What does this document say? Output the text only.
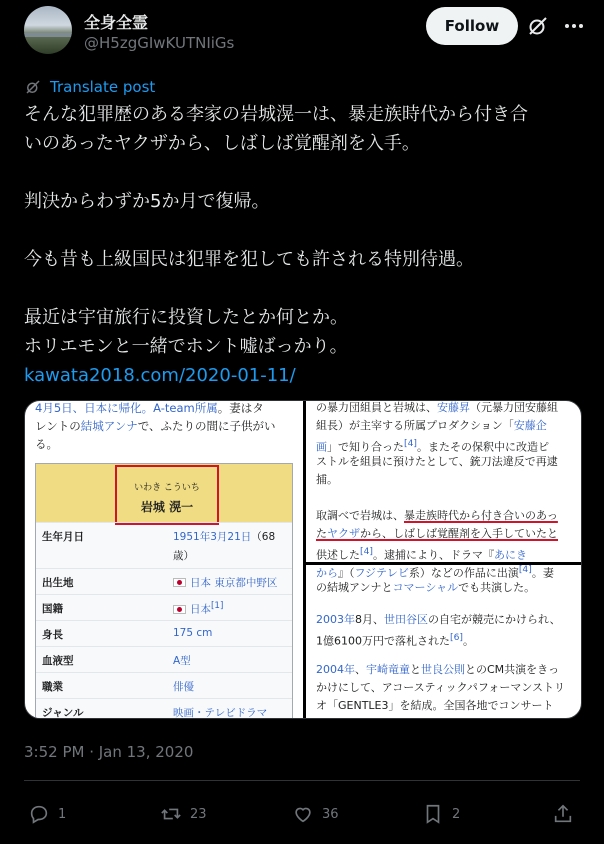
全身全霊
@H5zgGIwKUTNIiGs
Follow
Translate post

そんな犯罪歴のある李家の岩城滉一は、暴走族時代から付き合

いのあったヤクザから、しばしば覚醒剤を入手。

判決からわずか5か月で復帰。

今も昔も上級国民は犯罪を犯しても許される特別待遇。

最近は宇宙旅行に投資したとか何とか。

ホリエモンと一緒でホント嘘ばっかり。

kawata2018.com/2020-01-11/

4月5日、日本に帰化。A-team所属。妻はタ
レントの結城アンナで、ふたりの間に子供がい
る。
いわき こういち
岩城 滉一
生年月日	1951年3月21日（68
歳）
出生地	日本 東京都中野区
国籍	日本[1]
身長	175 cm
血液型	A型
職業	俳優
ジャンル	映画・テレビドラマ
の暴力団組員と岩城は、安藤昇（元暴力団安藤組
組長）が主宰する所属プロダクション「安藤企
画」で知り合った[4]。またその保釈中に改造ピ
ストルを組員に預けたとして、銃刀法違反で再逮
捕。
取調べで岩城は、暴走族時代から付き合いのあっ
たヤクザから、しばしば覚醒剤を入手していたと
供述した[4]。逮捕により、ドラマ『あにき
から』（フジテレビ系）などの作品に出演[4]。妻
の結城アンナとコマーシャルでも共演した。
2003年8月、世田谷区の自宅が競売にかけられ、
1億6100万円で落札された[6]。
2004年、宇崎竜童と世良公則とのCM共演をきっ
かけにして、アコースティックパフォーマンストリ
オ「GENTLE3」を結成。全国各地でコンサート
3:52 PM · Jan 13, 2020
1	23	36	2
